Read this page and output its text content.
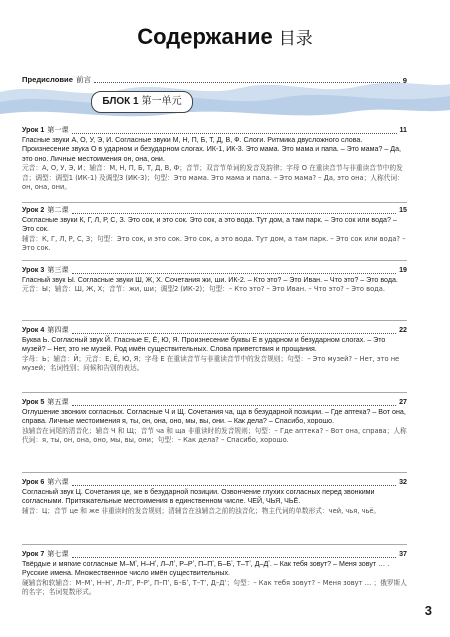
Содержание 目录
Предисловие 前言	9
БЛОК 1 第一单元
Урок 1 第一课	11

Гласные звуки А, О, У, Э, И. Согласные звуки М, Н, П, Б, Т, Д, В, Ф. Слоги. Ритмика двусложного слова. Произнесение звука О в ударном и безударном слогах. ИК-1, ИК-3. Это мама. Это мама и папа. – Это мама? – Да, это оно. Личные местоимения он, она, они.

元音：А, О, У, Э, И；辅音：М, Н, П, Б, Т, Д, В, Ф；音节；双音节单词的发音及韵律；字母 О 在重读音节与非重读音节中的发音；调型：调型1 (ИК-1) 及调型3 (ИК-3)；句型：Это мама. Это мама и папа. – Это мама? – Да, это она；人称代词：он, она, они。

Урок 2 第二课	15

Согласные звуки К, Г, Л, Р, С, З. Это сок, и это сок. Это сок, а это вода. Тут дом, а там парк. – Это сок или вода? – Это сок.

辅音：К, Г, Л, Р, С, З；句型：Это сок, и это сок. Это сок, а это вода. Тут дом, а там парк. – Это сок или вода? – Это сок.

Урок 3 第三课	19

Гласный звук Ы. Согласные звуки Ш, Ж, Х. Сочетания жи, ши. ИК-2. – Кто это? – Это Иван. – Что это? – Это вода.

元音：Ы；辅音：Ш, Ж, Х；音节：жи, ши；调型2 (ИК-2)；句型：– Кто это? – Это Иван. – Что это? – Это вода.

Урок 4 第四课	22

Буква Ь. Согласный звук Й. Гласные Е, Ё, Ю, Я. Произнесение буквы Е в ударном и безударном слогах. – Это музей? – Нет, это не музей. Род имён существительных. Слова приветствия и прощания.

字母：Ь；辅音：Й；元音：Е, Ё, Ю, Я；字母 Е 在重读音节与非重读音节中的发音规则；句型：– Это музей? – Нет, это не музей；名词性别；问候和告别的表达。

Урок 5 第五课	27

Оглушение звонких согласных. Согласные Ч и Щ. Сочетания ча, ща в безударной позиции. – Где аптека? – Вот она, справа. Личные местоимения я, ты, он, она, оно, мы, вы, они. – Как дела? – Спасибо, хорошо.

浊辅音在词尾的清音化；辅音 Ч 和 Щ；音节 ча 和 ща 非重读时的发音规则；句型：– Где аптека? – Вот она, справа；人称代词：я, ты, он, она, оно, мы, вы, они；句型：– Как дела? – Спасибо, хорошо.

Урок 6 第六课	32

Согласный звук Ц. Сочетания це, же в безударной позиции. Озвончение глухих согласных перед звонкими согласными. Притяжательные местоимения в единственном числе. ЧЕЙ, ЧЬЯ, ЧЬЁ.

辅音：Ц；音节 це 和 же 非重读时的发音规则；清辅音在浊辅音之前的浊音化；物主代词的单数形式：чей, чья, чьё。

Урок 7 第七课	37

Твёрдые и мягкие согласные М–Мʼ, Н–Нʼ, Л–Лʼ, Р–Рʼ, П–Пʼ, Б–Бʼ, Т–Тʼ, Д–Дʼ. – Как тебя зовут? – Меня зовут … . Русские имена. Множественное число имён существительных.

硬辅音和软辅音：М–Мʼ, Н–Нʼ, Л–Лʼ, Р–Рʼ, П–Пʼ, Б–Бʼ, Т–Тʼ, Д–Дʼ；句型：– Как тебя зовут? – Меня зовут … ；俄罗斯人的名字；名词复数形式。

3
